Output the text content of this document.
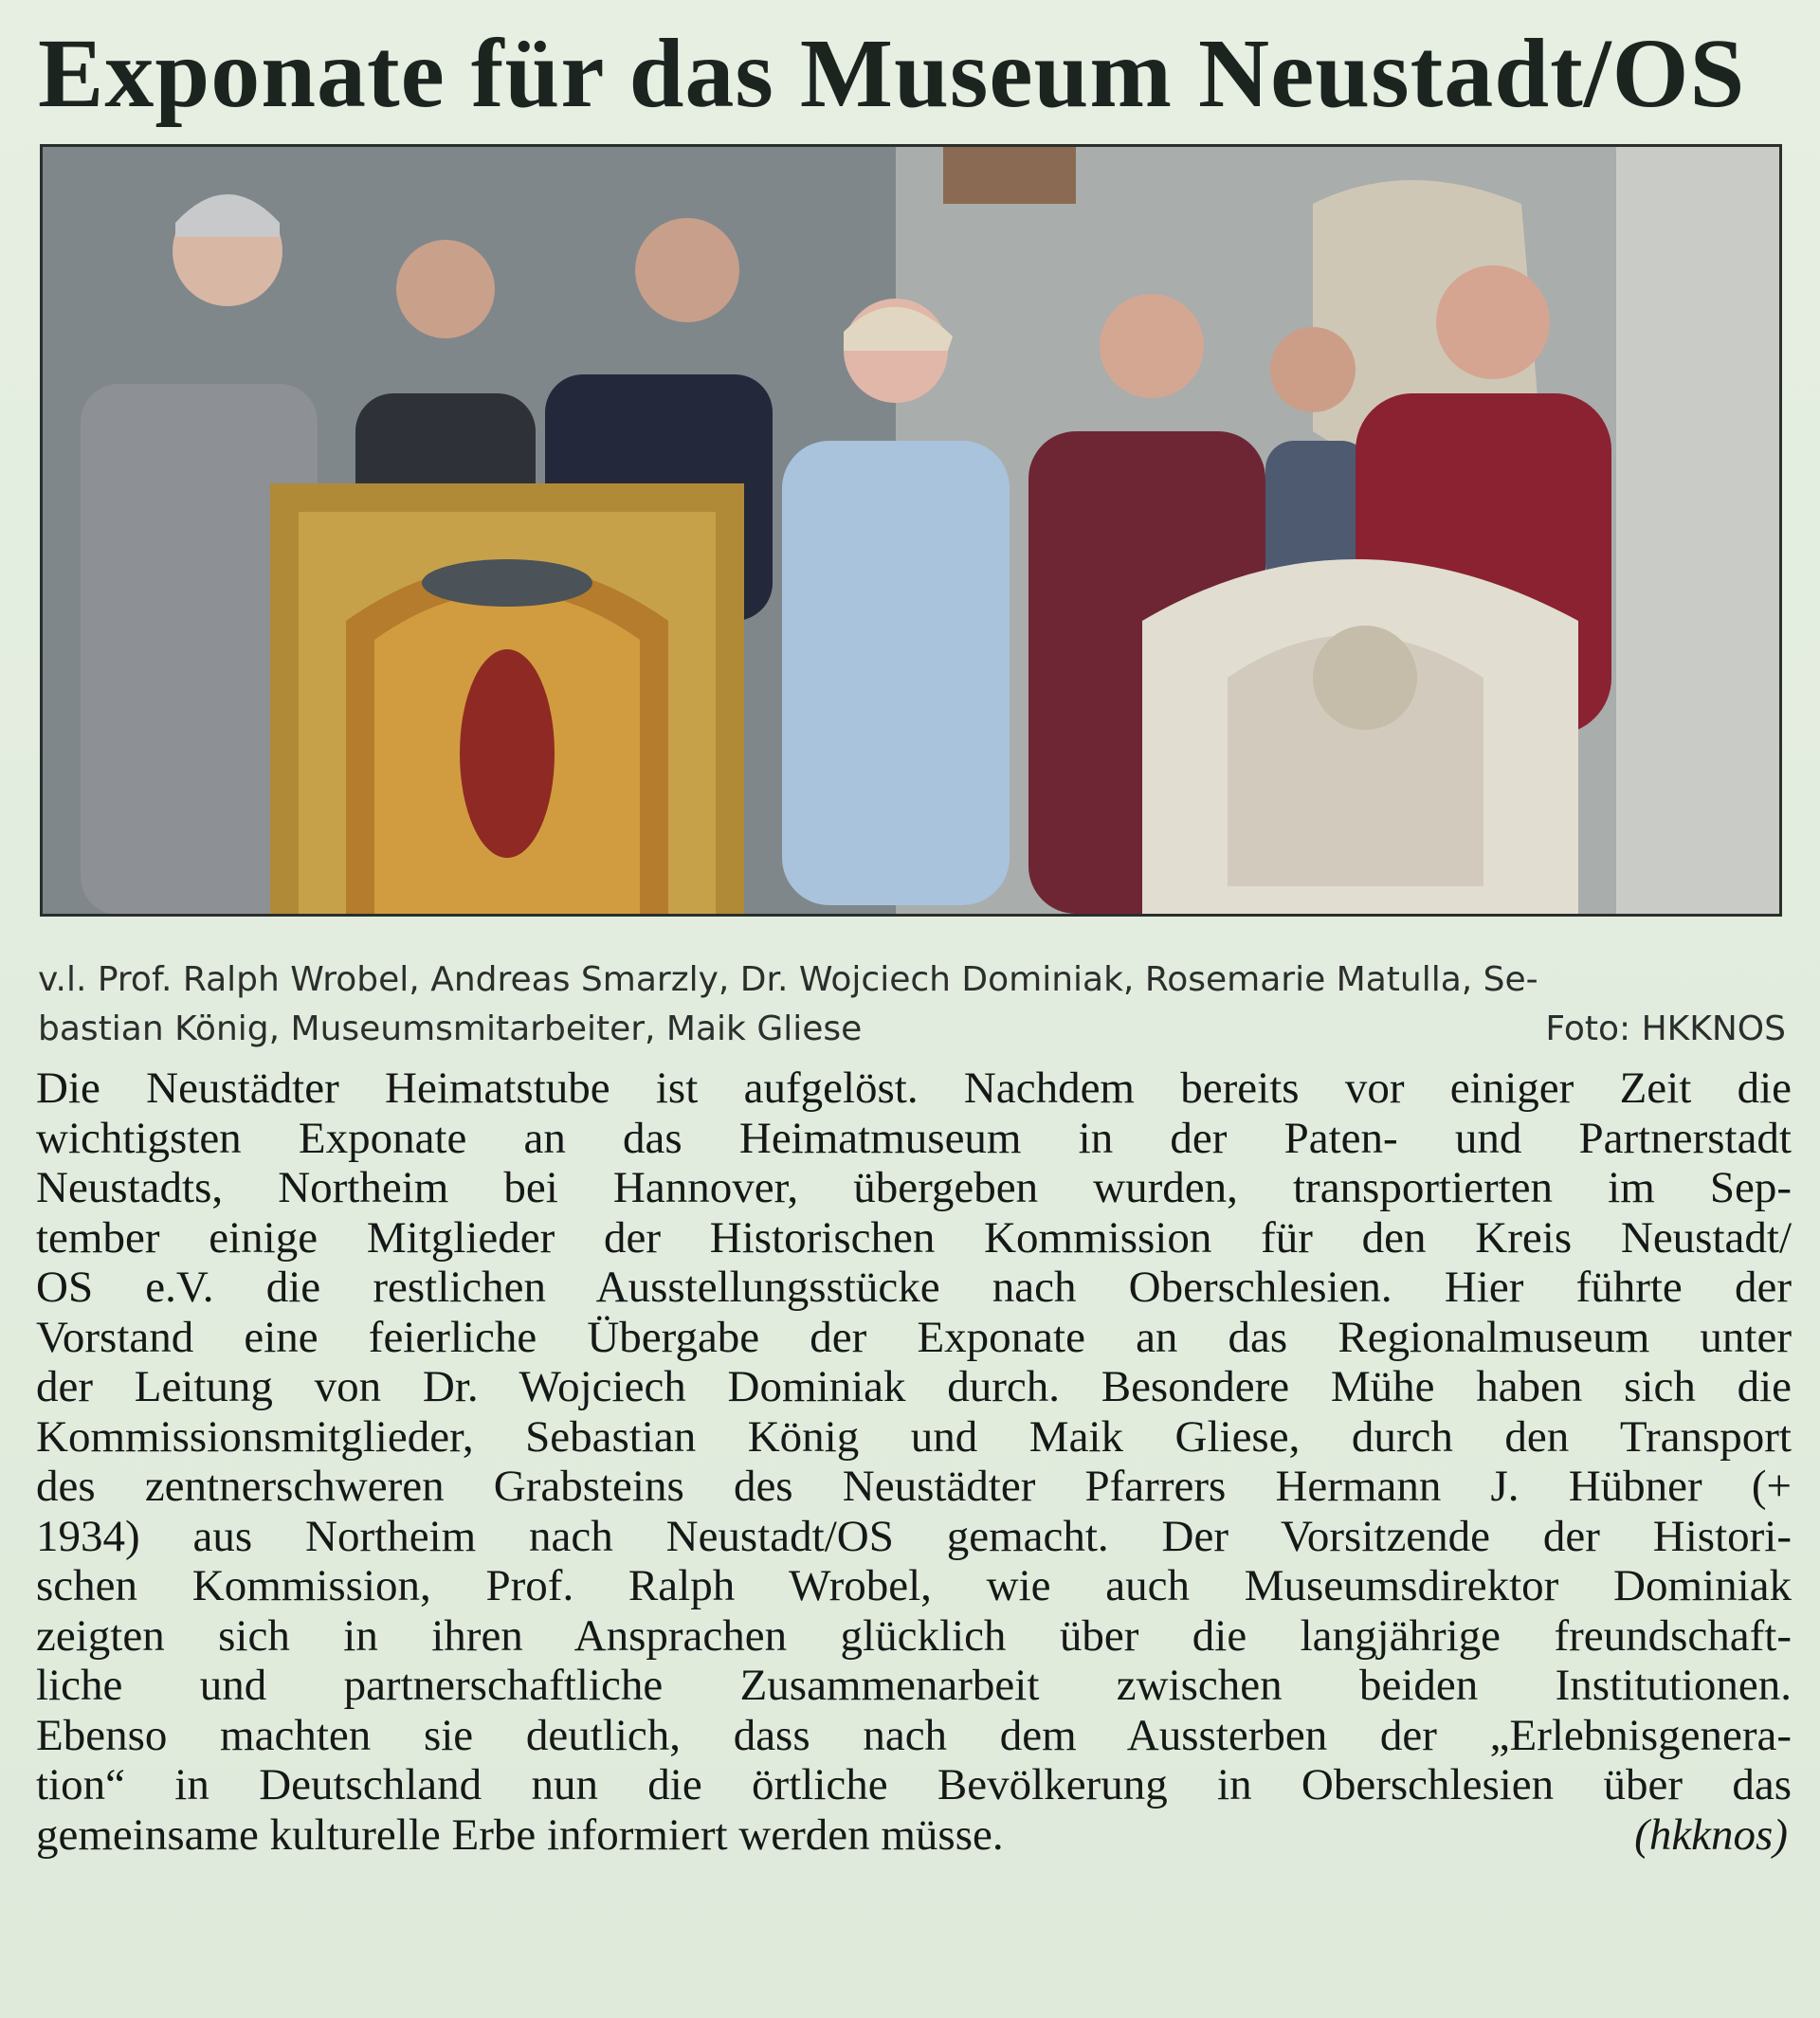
Exponate für das Museum Neustadt/OS
v.l. Prof. Ralph Wrobel, Andreas Smarzly, Dr. Wojciech Dominiak, Rosemarie Matulla, Se-
bastian König, Museumsmitarbeiter, Maik Gliese	Foto: HKKNOS
Die Neustädter Heimatstube ist aufgelöst. Nachdem bereits vor einiger Zeit die
wichtigsten Exponate an das Heimatmuseum in der Paten- und Partnerstadt
Neustadts, Northeim bei Hannover, übergeben wurden, transportierten im Sep-
tember einige Mitglieder der Historischen Kommission für den Kreis Neustadt/
OS e.V. die restlichen Ausstellungsstücke nach Oberschlesien. Hier führte der
Vorstand eine feierliche Übergabe der Exponate an das Regionalmuseum unter
der Leitung von Dr. Wojciech Dominiak durch. Besondere Mühe haben sich die
Kommissionsmitglieder, Sebastian König und Maik Gliese, durch den Transport
des zentnerschweren Grabsteins des Neustädter Pfarrers Hermann J. Hübner (+
1934) aus Northeim nach Neustadt/OS gemacht. Der Vorsitzende der Histori-
schen Kommission, Prof. Ralph Wrobel, wie auch Museumsdirektor Dominiak
zeigten sich in ihren Ansprachen glücklich über die langjährige freundschaft-
liche und partnerschaftliche Zusammenarbeit zwischen beiden Institutionen.
Ebenso machten sie deutlich, dass nach dem Aussterben der „Erlebnisgenera-
tion“ in Deutschland nun die örtliche Bevölkerung in Oberschlesien über das
gemeinsame kulturelle Erbe informiert werden müsse.	(hkknos)
